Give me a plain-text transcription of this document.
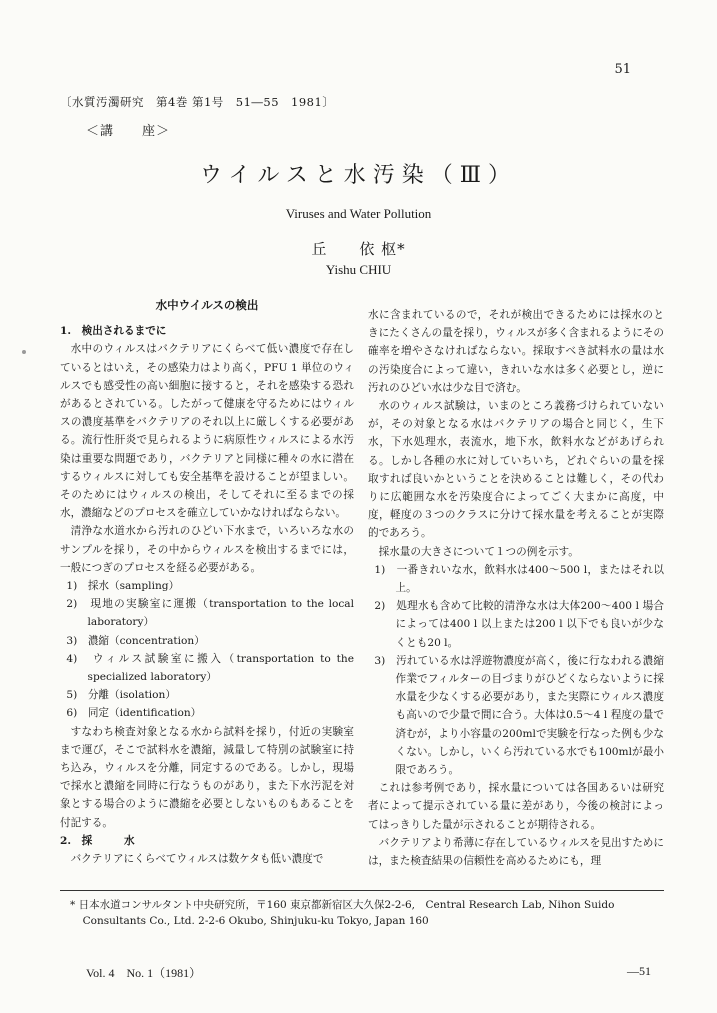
51
〔水質汚濁研究　第4巻 第1号　51―55　1981〕
＜講　　座＞
ウイルスと水汚染（Ⅲ）
Viruses and Water Pollution
丘　　依 枢*
Yishu CHIU

水中ウイルスの検出

1.　検出されるまでに

水中のウィルスはバクテリアにくらべて低い濃度で存在しているとはいえ，その感染力はより高く，PFU 1 単位のウィルスでも感受性の高い細胞に接すると，それを感染する恐れがあるとされている。したがって健康を守るためにはウィルスの濃度基準をバクテリアのそれ以上に厳しくする必要がある。流行性肝炎で見られるように病原性ウィルスによる水汚染は重要な問題であり，バクテリアと同様に種々の水に潜在するウィルスに対しても安全基準を設けることが望ましい。そのためにはウィルスの検出，そしてそれに至るまでの採水，濃縮などのプロセスを確立していかなければならない。

清浄な水道水から汚れのひどい下水まで，いろいろな水のサンプルを採り，その中からウィルスを検出するまでには，一般につぎのプロセスを経る必要がある。

1)　採水（sampling）

2)　現地の実験室に運搬（transportation to the local laboratory）

3)　濃縮（concentration）

4)　ウィルス試験室に搬入（transportation to the specialized laboratory）

5)　分離（isolation）

6)　同定（identification）

すなわち検査対象となる水から試料を採り，付近の実験室まで運び，そこで試料水を濃縮，減量して特別の試験室に持ち込み，ウィルスを分離，同定するのである。しかし，現場で採水と濃縮を同時に行なうものがあり，また下水汚泥を対象とする場合のように濃縮を必要としないものもあることを付記する。

2.　採　　　水

バクテリアにくらべてウィルスは数ケタも低い濃度で

水に含まれているので，それが検出できるためには採水のときにたくさんの量を採り，ウィルスが多く含まれるようにその確率を増やさなければならない。採取すべき試料水の量は水の汚染度合によって違い，きれいな水は多く必要とし，逆に汚れのひどい水は少な目で済む。

水のウィルス試験は，いまのところ義務づけられていないが，その対象となる水はバクテリアの場合と同じく，生下水，下水処理水，表流水，地下水，飲料水などがあげられる。しかし各種の水に対していちいち，どれぐらいの量を採取すれば良いかということを決めることは難しく，その代わりに広範囲な水を汚染度合によってごく大まかに高度，中度，軽度の３つのクラスに分けて採水量を考えることが実際的であろう。

採水量の大きさについて１つの例を示す。

1)　一番きれいな水，飲料水は400～500 l，またはそれ以上。

2)　処理水も含めて比較的清浄な水は大体200～400 l 場合によっては400 l 以上または200 l 以下でも良いが少なくとも20 l。

3)　汚れている水は浮遊物濃度が高く，後に行なわれる濃縮作業でフィルターの目づまりがひどくならないように採水量を少なくする必要があり，また実際にウィルス濃度も高いので少量で間に合う。大体は0.5～4 l 程度の量で済むが，より小容量の200mlで実験を行なった例も少なくない。しかし，いくら汚れている水でも100mlが最小限であろう。

これは参考例であり，採水量については各国あるいは研究者によって提示されている量に差があり，今後の検討によってはっきりした量が示されることが期待される。

バクテリアより希薄に存在しているウィルスを見出すためには，また検査結果の信頼性を高めるためにも，理

* 日本水道コンサルタント中央研究所，〒160 東京都新宿区大久保2-2-6,　Central Research Lab, Nihon Suido

Consultants Co., Ltd. 2-2-6 Okubo, Shinjuku-ku Tokyo, Japan 160

Vol. 4　No. 1（1981）	―51
